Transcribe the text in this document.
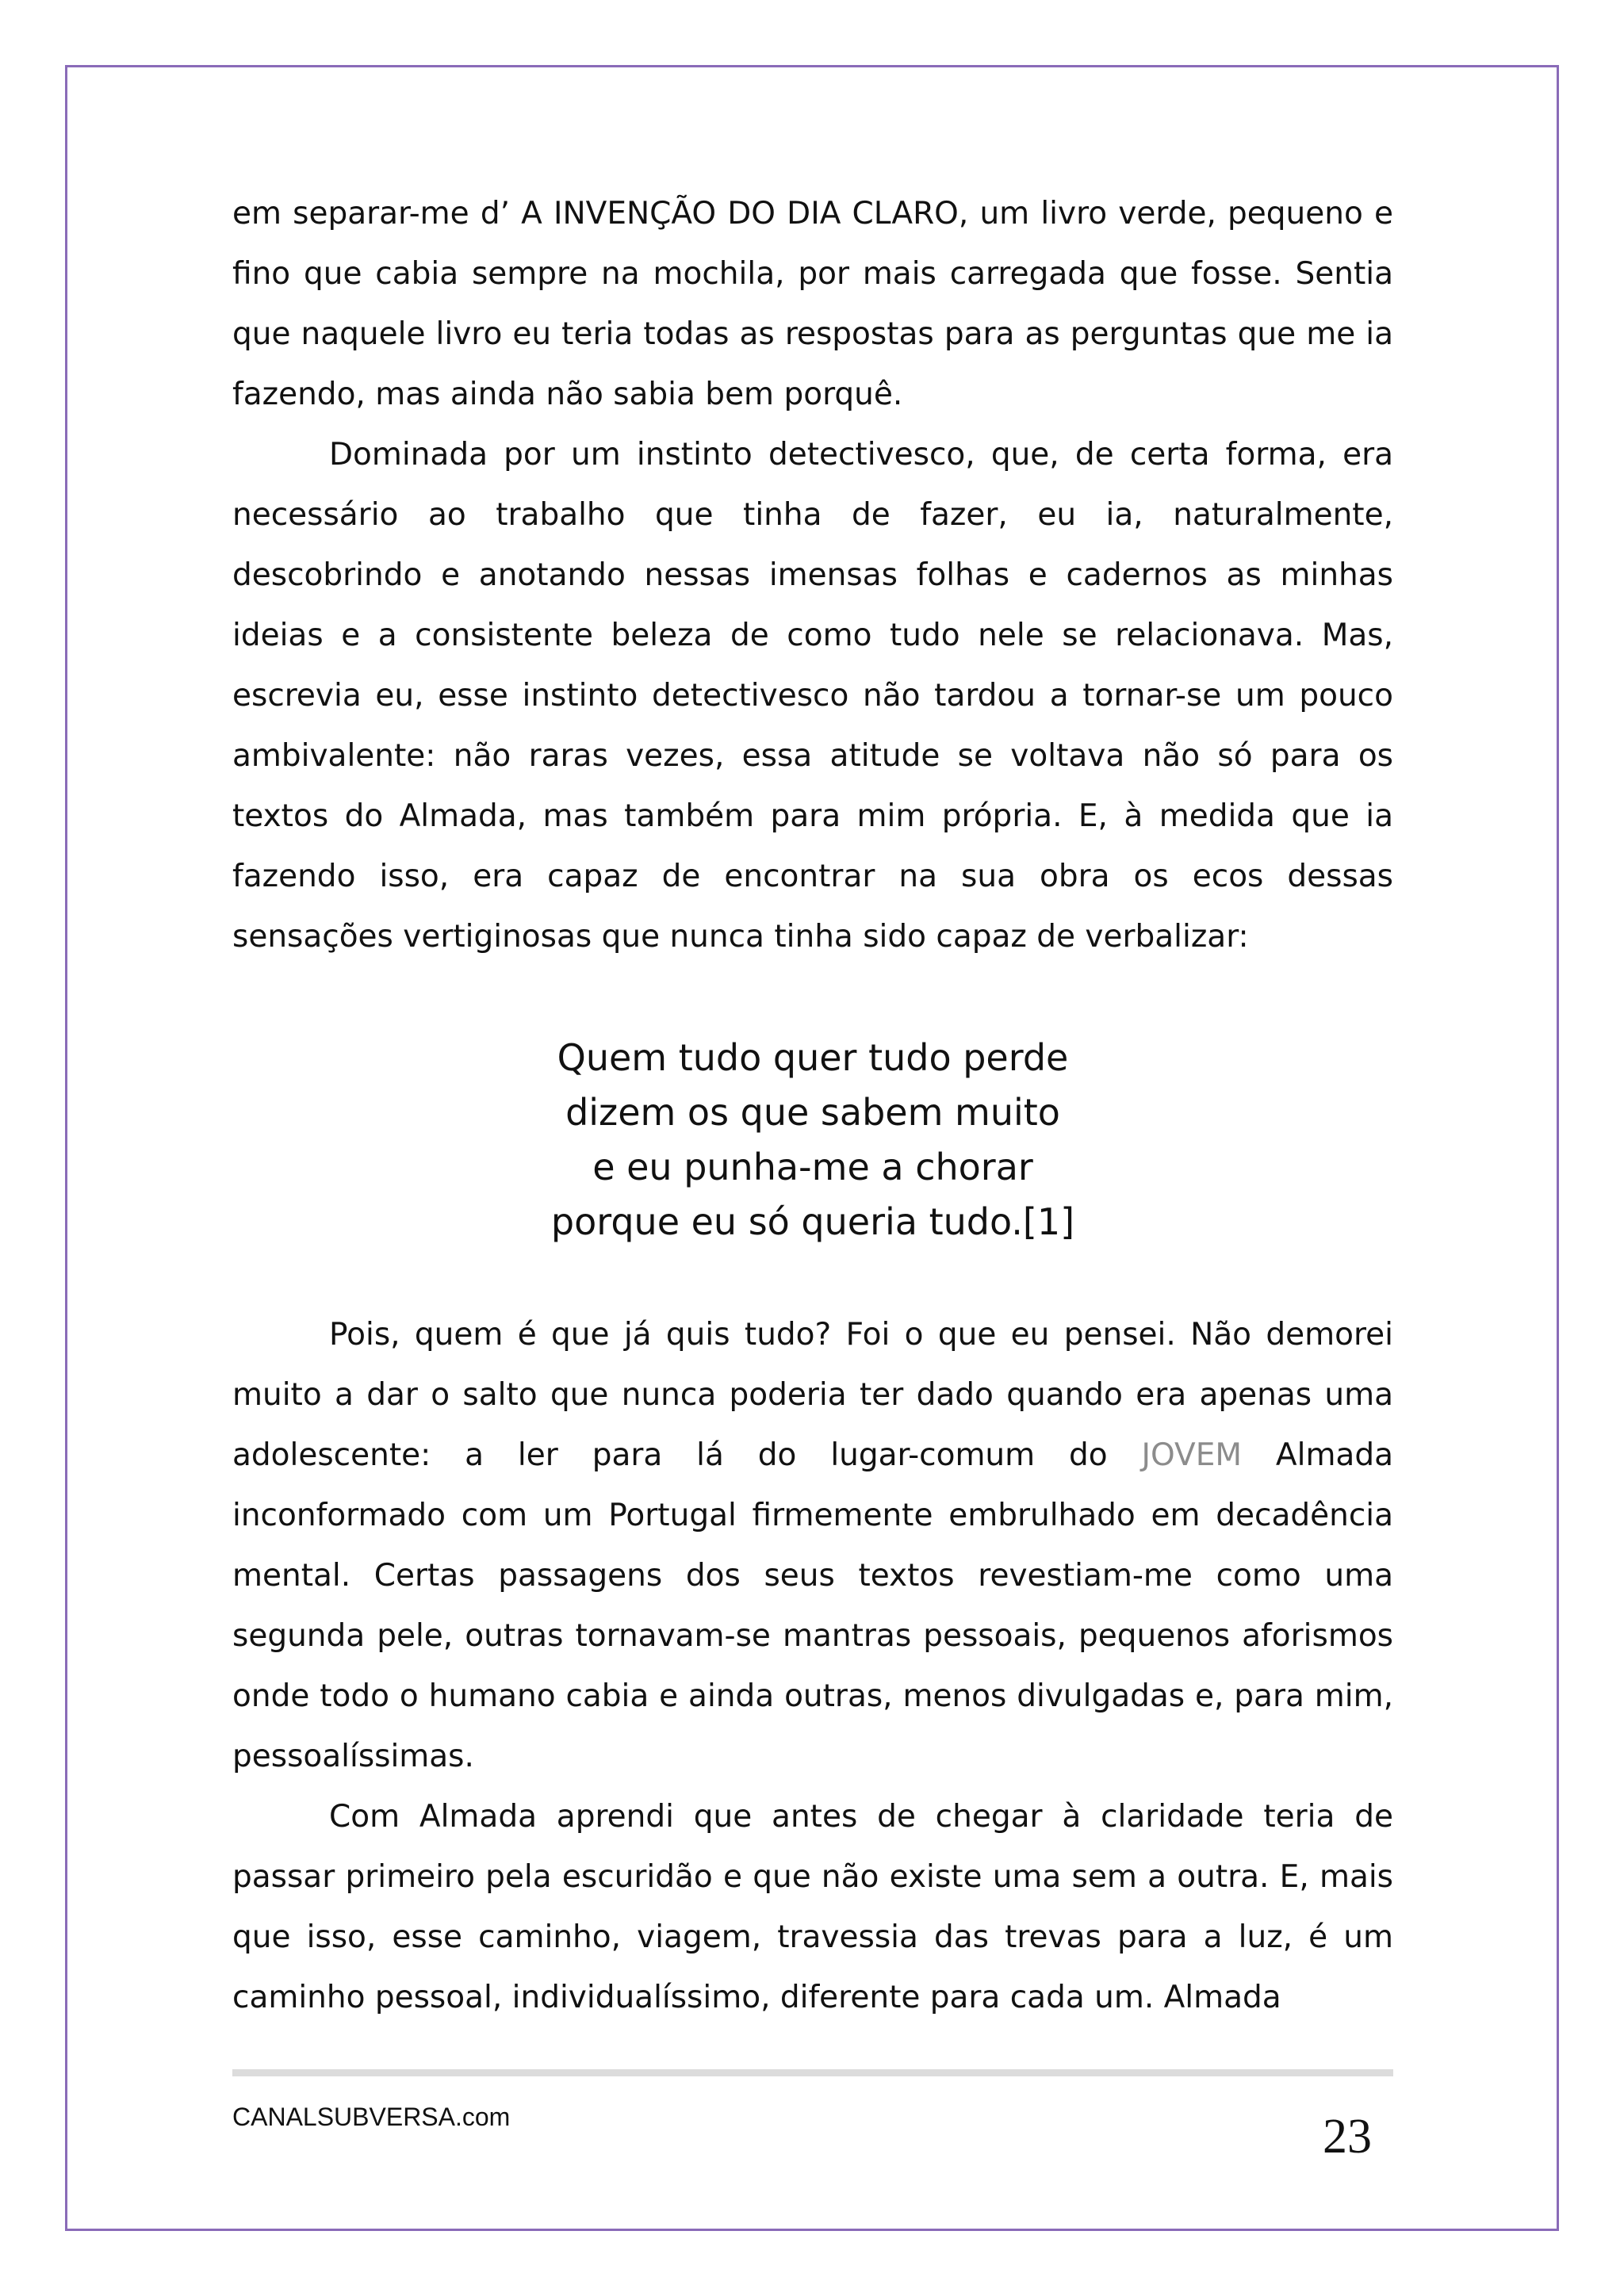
em separar-me d’ A INVENÇÃO DO DIA CLARO, um livro verde, pequeno e fino que cabia sempre na mochila, por mais carregada que fosse. Sentia que naquele livro eu teria todas as respostas para as perguntas que me ia fazendo, mas ainda não sabia bem porquê.

Dominada por um instinto detectivesco, que, de certa forma, era necessário ao trabalho que tinha de fazer, eu ia, naturalmente, descobrindo e anotando nessas imensas folhas e cadernos as minhas ideias e a consistente beleza de como tudo nele se relacionava. Mas, escrevia eu, esse instinto detectivesco não tardou a tornar-se um pouco ambivalente: não raras vezes, essa atitude se voltava não só para os textos do Almada, mas também para mim própria. E, à medida que ia fazendo isso, era capaz de encontrar na sua obra os ecos dessas sensações vertiginosas que nunca tinha sido capaz de verbalizar:

Quem tudo quer tudo perde
dizem os que sabem muito
e eu punha-me a chorar
porque eu só queria tudo.[1]

Pois, quem é que já quis tudo? Foi o que eu pensei. Não demorei muito a dar o salto que nunca poderia ter dado quando era apenas uma adolescente: a ler para lá do lugar-comum do JOVEM Almada inconformado com um Portugal firmemente embrulhado em decadência mental. Certas passagens dos seus textos revestiam-me como uma segunda pele, outras tornavam-se mantras pessoais, pequenos aforismos onde todo o humano cabia e ainda outras, menos divulgadas e, para mim, pessoalíssimas.

Com Almada aprendi que antes de chegar à claridade teria de passar primeiro pela escuridão e que não existe uma sem a outra. E, mais que isso, esse caminho, viagem, travessia das trevas para a luz, é um caminho pessoal, individualíssimo, diferente para cada um. Almada

CANALSUBVERSA.com	23
